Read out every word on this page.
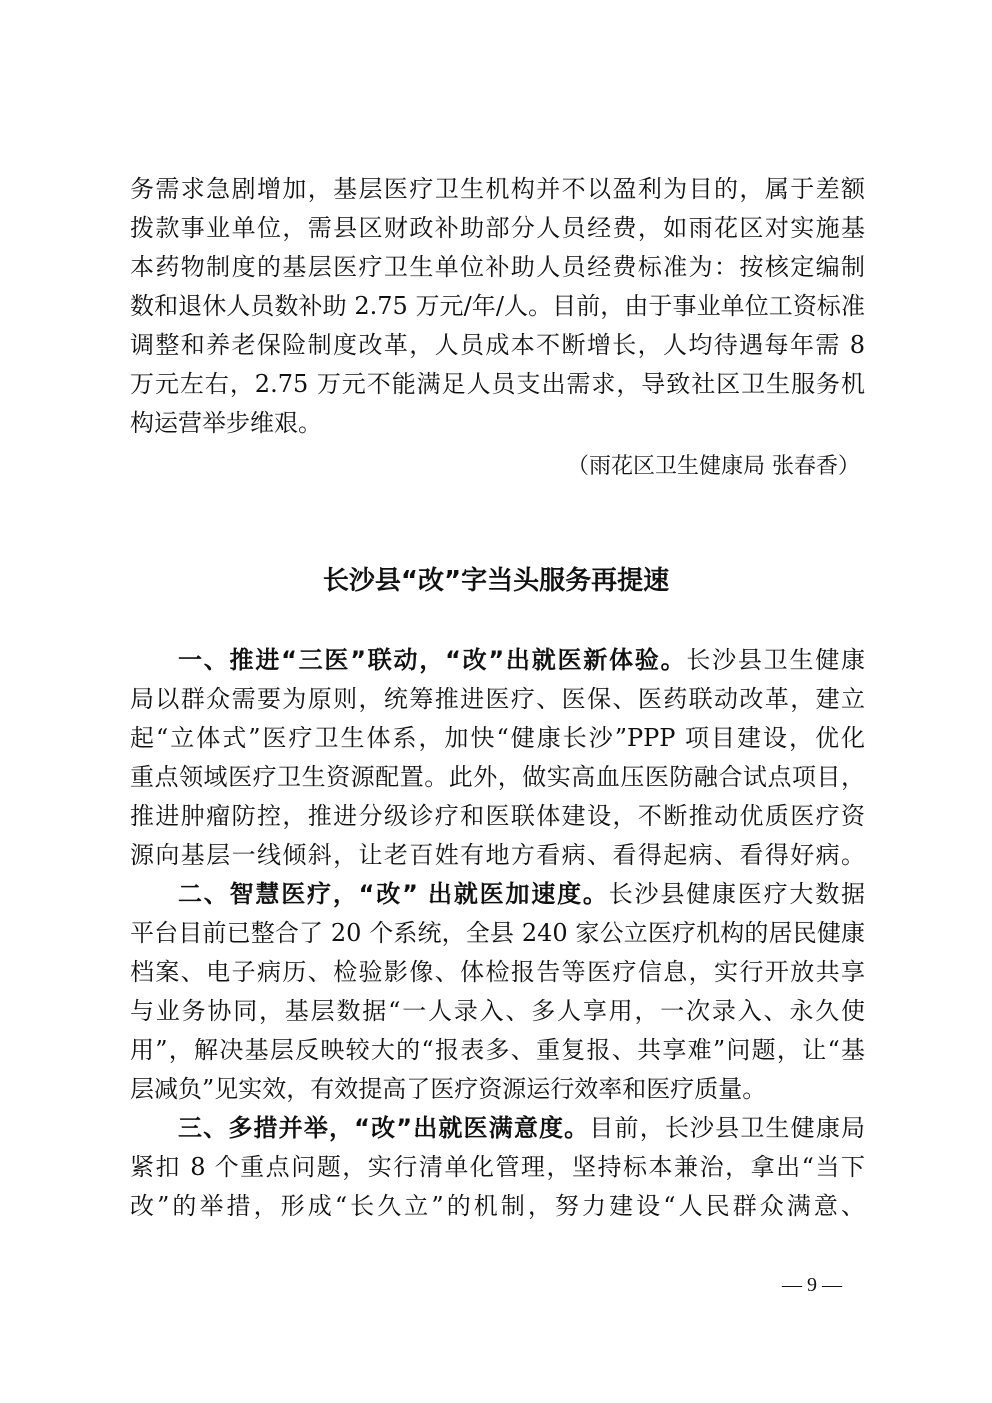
务需求急剧增加，基层医疗卫生机构并不以盈利为目的，属于差额
拨款事业单位，需县区财政补助部分人员经费，如雨花区对实施基
本药物制度的基层医疗卫生单位补助人员经费标准为：按核定编制
数和退休人员数补助 2.75 万元/年/人。目前，由于事业单位工资标准
调整和养老保险制度改革，人员成本不断增长，人均待遇每年需 8
万元左右，2.75 万元不能满足人员支出需求，导致社区卫生服务机
构运营举步维艰。
（雨花区卫生健康局 张春香）
长沙县“改”字当头服务再提速
一、推进“三医”联动，“改”出就医新体验。长沙县卫生健康
局以群众需要为原则，统筹推进医疗、医保、医药联动改革，建立
起“立体式”医疗卫生体系，加快“健康长沙”PPP 项目建设，优化
重点领域医疗卫生资源配置。此外，做实高血压医防融合试点项目，
推进肿瘤防控，推进分级诊疗和医联体建设，不断推动优质医疗资
源向基层一线倾斜，让老百姓有地方看病、看得起病、看得好病。
二、智慧医疗，“改” 出就医加速度。长沙县健康医疗大数据
平台目前已整合了 20 个系统，全县 240 家公立医疗机构的居民健康
档案、电子病历、检验影像、体检报告等医疗信息，实行开放共享
与业务协同，基层数据“一人录入、多人享用，一次录入、永久使
用”，解决基层反映较大的“报表多、重复报、共享难”问题，让“基
层减负”见实效，有效提高了医疗资源运行效率和医疗质量。
三、多措并举，“改”出就医满意度。目前，长沙县卫生健康局
紧扣 8 个重点问题，实行清单化管理，坚持标本兼治，拿出“当下
改”的举措，形成“长久立”的机制，努力建设“人民群众满意、
— 9 —
